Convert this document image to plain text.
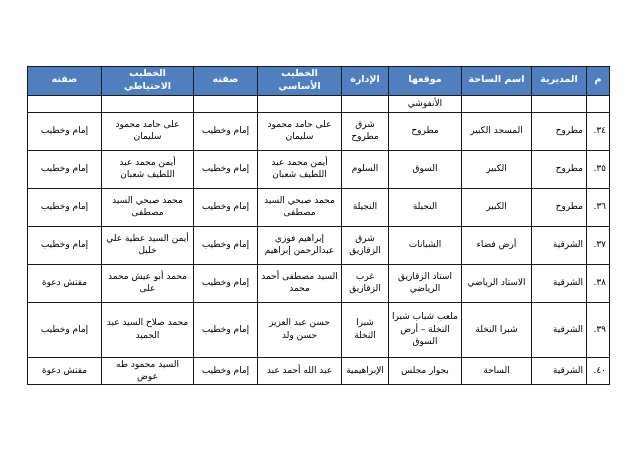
م	المديرية	اسم الساحة	موقعها	الإدارة	الخطيب الأساسي	صفته	الخطيب الاحتياطي	صفته
			الأنفوشي					
٣٤.	مطروح	المسجد الكبير	مطروح	شرق مطروح	على حامد محمود سليمان	إمام وخطيب	على حامد محمود سليمان	إمام وخطيب
٣٥.	مطروح	الكبير	السوق	السلوم	أيمن محمد عبد اللطيف شعبان	إمام وخطيب	أيمن محمد عبد اللطيف شعبان	إمام وخطيب
٣٦.	مطروح	الكبير	النجيلة	النجيلة	محمد صبحي السيد مصطفى	إمام وخطيب	محمد صبحي السيد مصطفى	إمام وخطيب
٣٧.	الشرقية	أرض فضاء	الشبانات	شرق الزقازيق	إبراهيم فوزي عبدالرحمن إبراهيم	إمام وخطيب	أيمن السيد عطية علي خليل	إمام وخطيب
٣٨.	الشرقية	الاستاد الرياضي	استاد الزقازيق الرياضي	غرب الزقازيق	السيد مصطفى أحمد محمد	إمام وخطيب	محمد أبو عيش محمد على	مفتش دعوة
٣٩.	الشرقية	شبرا النخلة	ملعب شباب شبرا النخلة – أرض السوق	شبرا النخلة	حسن عبد العزيز حسن ولد	إمام وخطيب	محمد صلاح السيد عبد الحميد	إمام وخطيب
٤٠.	الشرقية	الساحة	بجوار مجلس	الإبراهيمية	عبد الله أحمد عبد	إمام وخطيب	السيد محمود طه عوض	مفتش دعوة
